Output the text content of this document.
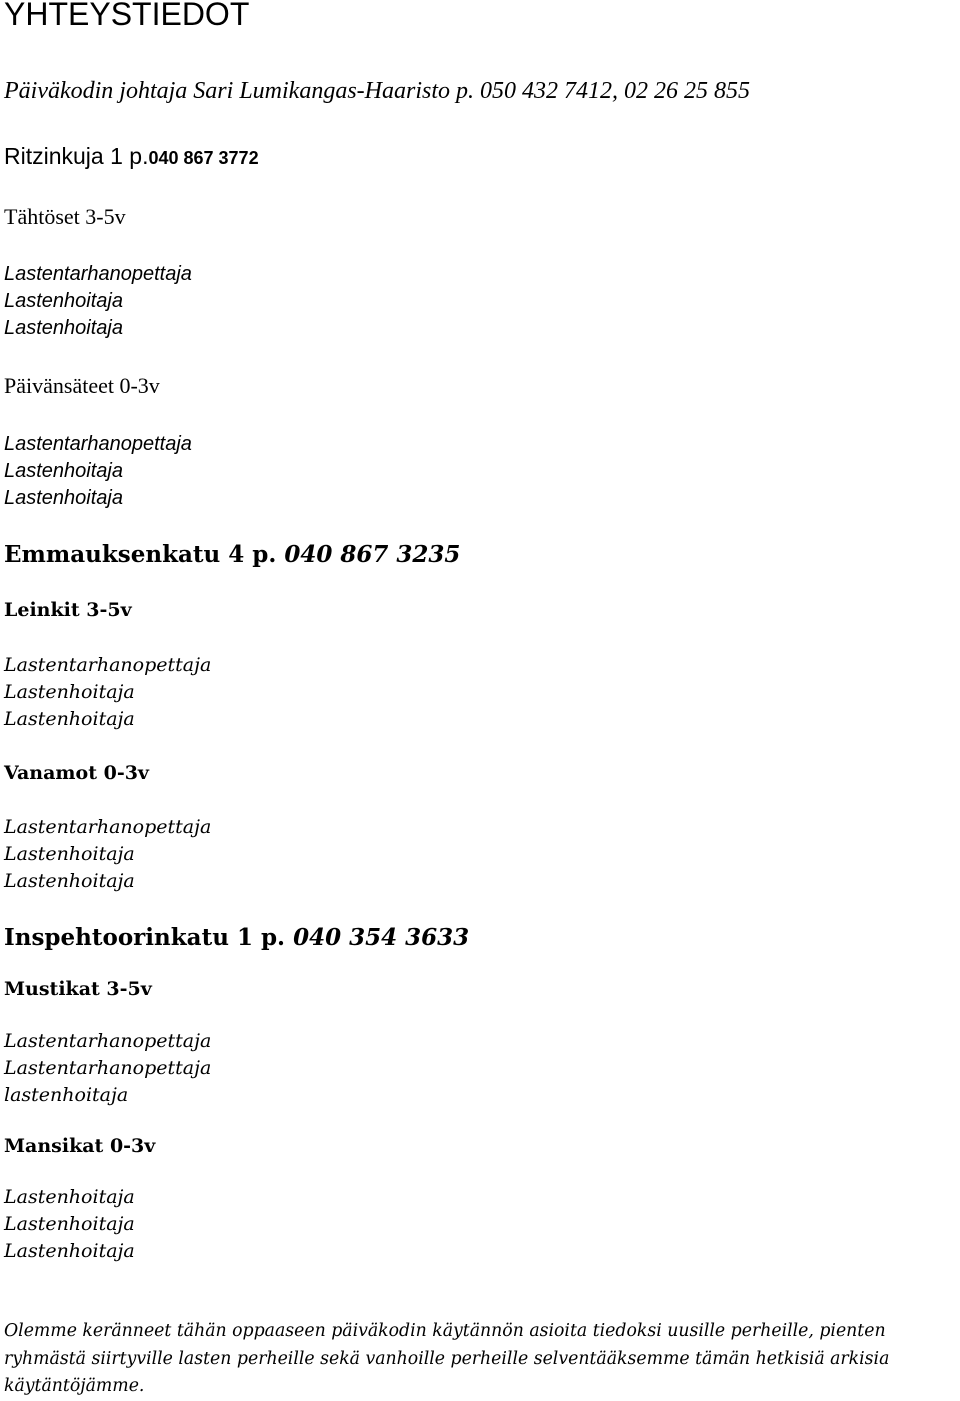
YHTEYSTIEDOT
Päiväkodin johtaja Sari Lumikangas-Haaristo p. 050 432 7412, 02 26 25 855
Ritzinkuja 1 p.040 867 3772
Tähtöset 3-5v
Lastentarhanopettaja
Lastenhoitaja
Lastenhoitaja
Päivänsäteet 0-3v
Lastentarhanopettaja
Lastenhoitaja
Lastenhoitaja
Emmauksenkatu 4 p. 040 867 3235
Leinkit 3-5v
Lastentarhanopettaja
Lastenhoitaja
Lastenhoitaja
Vanamot 0-3v
Lastentarhanopettaja
Lastenhoitaja
Lastenhoitaja
Inspehtoorinkatu 1 p. 040 354 3633
Mustikat 3-5v
Lastentarhanopettaja
Lastentarhanopettaja
lastenhoitaja
Mansikat 0-3v
Lastenhoitaja
Lastenhoitaja
Lastenhoitaja
Olemme keränneet tähän oppaaseen päiväkodin käytännön asioita tiedoksi uusille perheille, pienten ryhmästä siirtyville lasten perheille sekä vanhoille perheille selventääksemme tämän hetkisiä arkisia käytäntöjämme.
